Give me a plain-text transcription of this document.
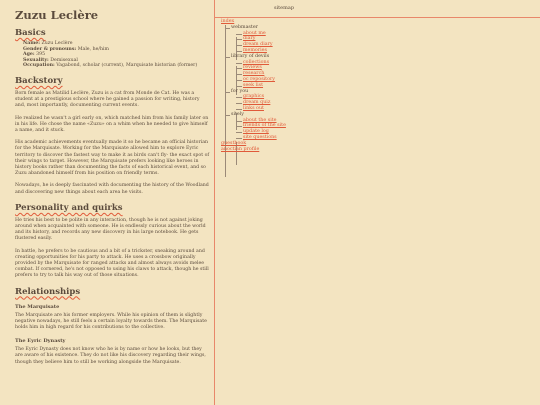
Zuzu Leclère
Basics
Name: Zuzu Leclère
Gender & pronouns: Male, he/him
Age: 395
Sexuality: Demisexual
Occupation: Vagabond, scholar (current), Marquisate historian (former)
Backstory

Born female as Matilid Leclère, Zuzu is a cat from Monde de Cat. He was a student at a prestigious school where he gained a passion for writing, history and, most importantly, documenting current events.

He realized he wasn't a girl early on, which matched him from his family later on in his life. He chose the name «Zuzu» on a whim when he needed to give himself a name, and it stuck.

His academic achievements eventually made it so he became an official historian for the Marquisate. Working for the Marquisate allowed him to explore Eyric territory to discover the fastest way to make it as birds can't fly- the exact spot of their wings to target. However, the Marquisate prefers looking like heroes in history books rather than documenting the facts of each historical event, and so Zuzu abandoned himself from his position on friendly terms.

Nowadays, he is deeply fascinated with documenting the history of the Woodland and discovering new things about each area he visits.

Personality and quirks

He tries his best to be polite in any interaction, though he is not against joking around when acquainted with someone. He is endlessly curious about the world and its history, and records any new discovery in his large notebook. He gets flustered easily.

In battle, he prefers to be cautious and a bit of a trickster, sneaking around and creating opportunities for his party to attack. He uses a crossbow originally provided by the Marquisate for ranged attacks and almost always avoids melee combat. If cornered, he's not opposed to using his claws to attack, though he still prefers to try to talk his way out of those situations.

Relationships
The Marquisate

The Marquisate are his former employers. While his opinion of them is slightly negative nowadays, he still feels a certain loyalty towards them. The Marquisate holds him in high regard for his contributions to the collective.

The Eyric Dynasty

The Eyric Dynasty does not know who he is by name or how he looks, but they are aware of his existence. They do not like his discovery regarding their wings, though they believe him to still be working alongside the Marquisate.

sitemap
index
webmaster
about me
diary
dream diary
memories
library of devils
collections
reviews
research
oc repository
seek list
for you
graphics
dream quiz
links out
sitely
about the site
friends of the site
update log
site questions
guestbook
anoctian profile
